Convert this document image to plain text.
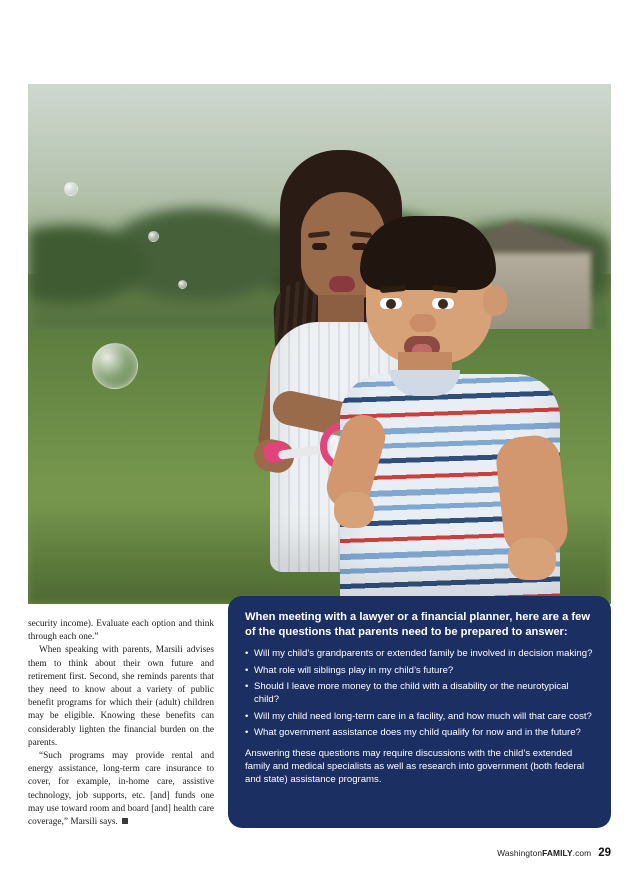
security income). Evaluate each option and think through each one.”

When speaking with parents, Marsili advises them to think about their own future and retirement first. Second, she reminds parents that they need to know about a variety of public benefit programs for which their (adult) children may be eligible. Knowing these benefits can considerably lighten the financial burden on the parents.

“Such programs may provide rental and energy assistance, long-term care insurance to cover, for example, in-home care, assistive technology, job supports, etc. [and] funds one may use toward room and board [and] health care coverage,” Marsili says.

When meeting with a lawyer or a financial planner, here are a few of the questions that parents need to be prepared to answer:

• Will my child’s grandparents or extended family be involved in decision making?
• What role will siblings play in my child’s future?
• Should I leave more money to the child with a disability or the neurotypical child?
• Will my child need long-term care in a facility, and how much will that care cost?
• What government assistance does my child qualify for now and in the future?

Answering these questions may require discussions with the child’s extended family and medical specialists as well as research into government (both federal and state) assistance programs.

WashingtonFAMILY.com 29
